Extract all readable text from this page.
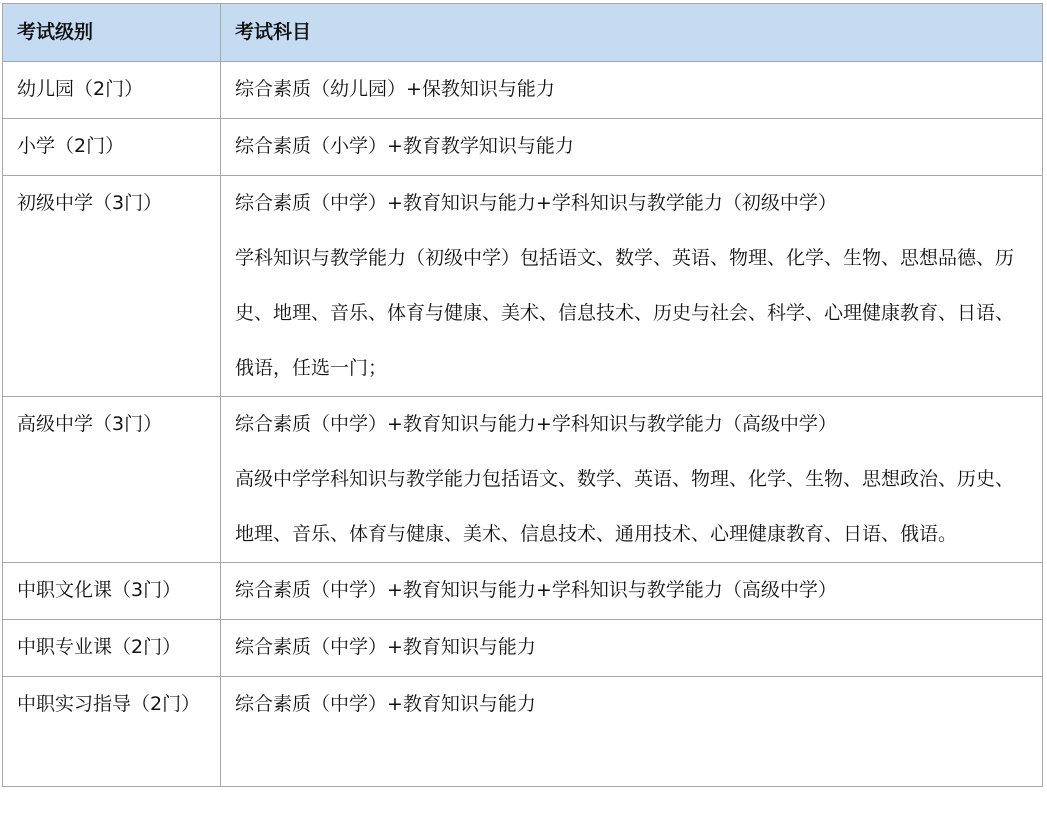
考试级别	考试科目
幼儿园（2门）	综合素质（幼儿园）+保教知识与能力

小学（2门）	综合素质（小学）+教育教学知识与能力

初级中学（3门）	综合素质（中学）+教育知识与能力+学科知识与教学能力（初级中学）
学科知识与教学能力（初级中学）包括语文、数学、英语、物理、化学、生物、思想品德、历史、地理、音乐、体育与健康、美术、信息技术、历史与社会、科学、心理健康教育、日语、俄语，任选一门；

高级中学（3门）	综合素质（中学）+教育知识与能力+学科知识与教学能力（高级中学）
高级中学学科知识与教学能力包括语文、数学、英语、物理、化学、生物、思想政治、历史、地理、音乐、体育与健康、美术、信息技术、通用技术、心理健康教育、日语、俄语。

中职文化课（3门）	综合素质（中学）+教育知识与能力+学科知识与教学能力（高级中学）

中职专业课（2门）	综合素质（中学）+教育知识与能力

中职实习指导（2门）	综合素质（中学）+教育知识与能力
